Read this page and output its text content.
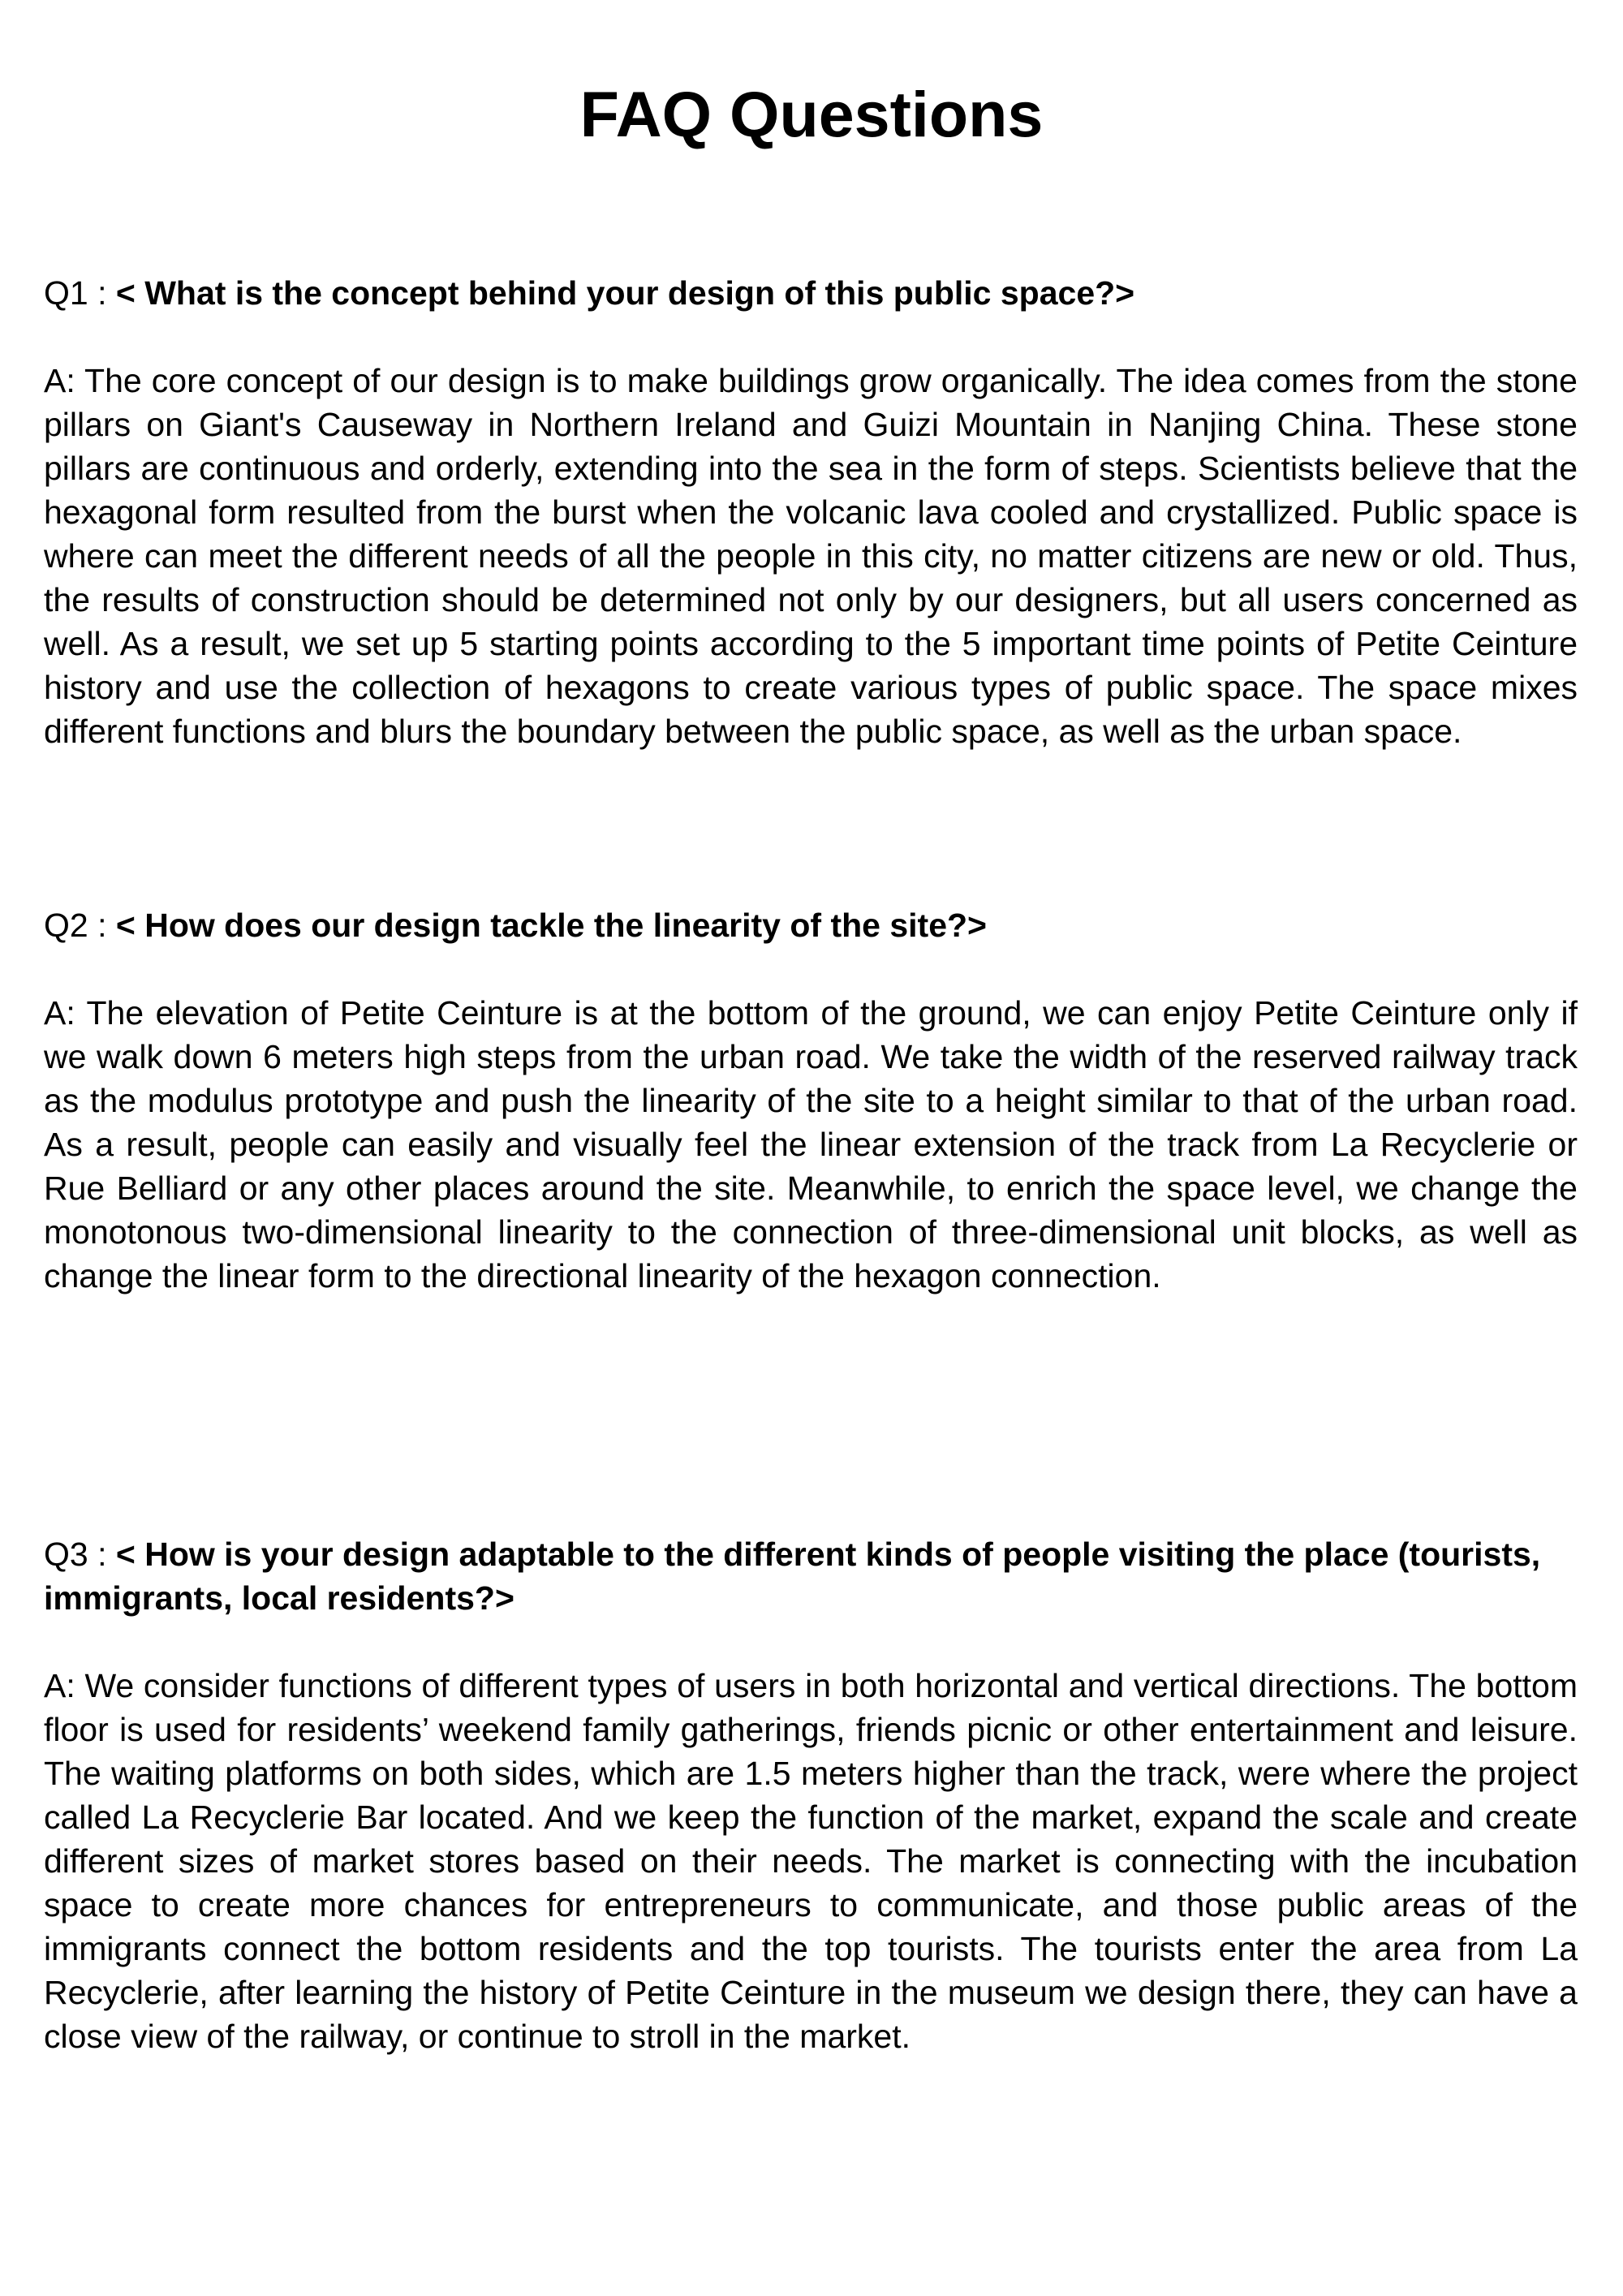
FAQ Questions

Q1 : < What is the concept behind your design of this public space?>

A: The core concept of our design is to make buildings grow organically. The idea comes from the stone pillars on Giant's Causeway in Northern Ireland and Guizi Mountain in Nanjing China. These stone pillars are continuous and orderly, extending into the sea in the form of steps. Scientists believe that the hexagonal form resulted from the burst when the volcanic lava cooled and crystallized. Public space is where can meet the different needs of all the people in this city, no matter citizens are new or old. Thus, the results of construction should be determined not only by our designers, but all users concerned as well. As a result, we set up 5 starting points according to the 5 important time points of Petite Ceinture history and use the collection of hexagons to create various types of public space. The space mixes different functions and blurs the boundary between the public space, as well as the urban space.

Q2 : < How does our design tackle the linearity of the site?>

A: The elevation of Petite Ceinture is at the bottom of the ground, we can enjoy Petite Ceinture only if we walk down 6 meters high steps from the urban road. We take the width of the reserved railway track as the modulus prototype and push the linearity of the site to a height similar to that of the urban road. As a result, people can easily and visually feel the linear extension of the track from La Recyclerie or Rue Belliard or any other places around the site. Meanwhile, to enrich the space level, we change the monotonous two-dimensional linearity to the connection of three-dimensional unit blocks, as well as change the linear form to the directional linearity of the hexagon connection.

Q3 : < How is your design adaptable to the different kinds of people visiting the place (tourists, immigrants, local residents?>

A: We consider functions of different types of users in both horizontal and vertical directions. The bottom floor is used for residents’ weekend family gatherings, friends picnic or other entertainment and leisure. The waiting platforms on both sides, which are 1.5 meters higher than the track, were where the project called La Recyclerie Bar located. And we keep the function of the market, expand the scale and create different sizes of market stores based on their needs. The market is connecting with the incubation space to create more chances for entrepreneurs to communicate, and those public areas of the immigrants connect the bottom residents and the top tourists. The tourists enter the area from La Recyclerie, after learning the history of Petite Ceinture in the museum we design there, they can have a close view of the railway, or continue to stroll in the market.
